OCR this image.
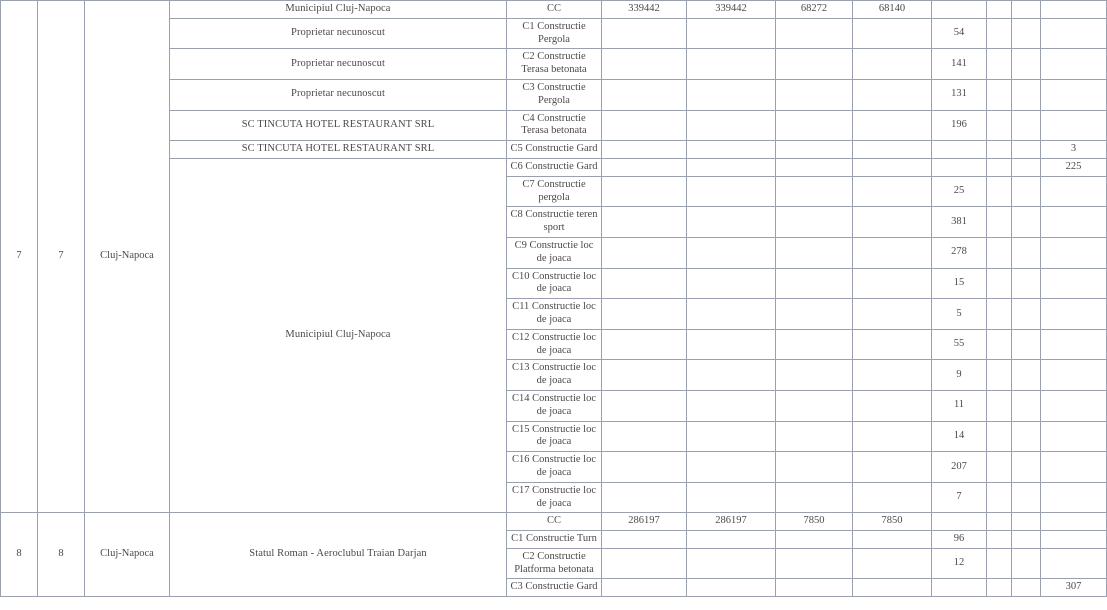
7	7	Cluj-Napoca	Municipiul Cluj-Napoca	CC	339442	339442	68272	68140				
			Proprietar necunoscut	C1 Constructie Pergola					54			
			Proprietar necunoscut	C2 Constructie Terasa betonata					141			
			Proprietar necunoscut	C3 Constructie Pergola					131			
			SC TINCUTA HOTEL RESTAURANT SRL	C4 Constructie Terasa betonata					196			
			SC TINCUTA HOTEL RESTAURANT SRL	C5 Constructie Gard								3
			Municipiul Cluj-Napoca	C6 Constructie Gard								225
				C7 Constructie pergola					25			
				C8 Constructie teren sport					381			
				C9 Constructie loc de joaca					278			
				C10 Constructie loc de joaca					15			
				C11 Constructie loc de joaca					5			
				C12 Constructie loc de joaca					55			
				C13 Constructie loc de joaca					9			
				C14 Constructie loc de joaca					11			
				C15 Constructie loc de joaca					14			
				C16 Constructie loc de joaca					207			
				C17 Constructie loc de joaca					7			
8	8	Cluj-Napoca	Statul Roman - Aeroclubul Traian Darjan	CC	286197	286197	7850	7850				
				C1 Constructie Turn					96			
				C2 Constructie Platforma betonata					12			
				C3 Constructie Gard								307
